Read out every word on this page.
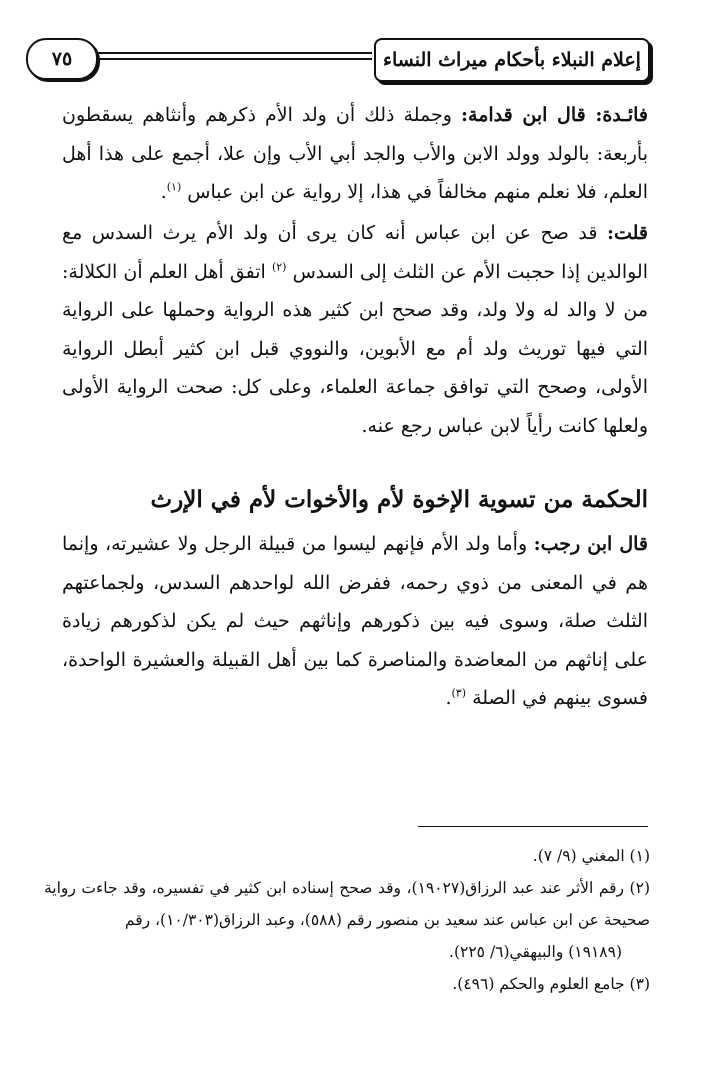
إعلام النبلاء بأحكام ميراث النساء
٧٥
فائـدة: قال ابن قدامة: وجملة ذلك أن ولد الأم ذكرهم وأنثاهم يسقطون بأربعة: بالولد وولد الابن والأب والجد أبي الأب وإن علا، أجمع على هذا أهل العلم، فلا نعلم منهم مخالفاً في هذا، إلا رواية عن ابن عباس $^{(١)}$.
قلت: قد صح عن ابن عباس أنه كان يرى أن ولد الأم يرث السدس مع الوالدين إذا حجبت الأم عن الثلث إلى السدس $^{(٢)}$ اتفق أهل العلم أن الكلالة: من لا والد له ولا ولد، وقد صحح ابن كثير هذه الرواية وحملها على الرواية التي فيها توريث ولد أم مع الأبوين، والنووي قبل ابن كثير أبطل الرواية الأولى، وصحح التي توافق جماعة العلماء، وعلى كل: صحت الرواية الأولى ولعلها كانت رأياً لابن عباس رجع عنه.
الحكمة من تسوية الإخوة لأم والأخوات لأم في الإرث
قال ابن رجب: وأما ولد الأم فإنهم ليسوا من قبيلة الرجل ولا عشيرته، وإنما هم في المعنى من ذوي رحمه، ففرض الله لواحدهم السدس، ولجماعتهم الثلث صلة، وسوى فيه بين ذكورهم وإناثهم حيث لم يكن لذكورهم زيادة على إناثهم من المعاضدة والمناصرة كما بين أهل القبيلة والعشيرة الواحدة، فسوى بينهم في الصلة $^{(٣)}$.

(١) المغني (٩/ ٧).

(٢) رقم الأثر عند عبد الرزاق(١٩٠٢٧)، وقد صحح إسناده ابن كثير في تفسيره، وقد جاءت رواية صحيحة عن ابن عباس عند سعيد بن منصور رقم (٥٨٨)، وعبد الرزاق(١٠/٣٠٣)، رقم

(١٩١٨٩) والبيهقي(٦/ ٢٢٥).

(٣) جامع العلوم والحكم (٤٩٦).
